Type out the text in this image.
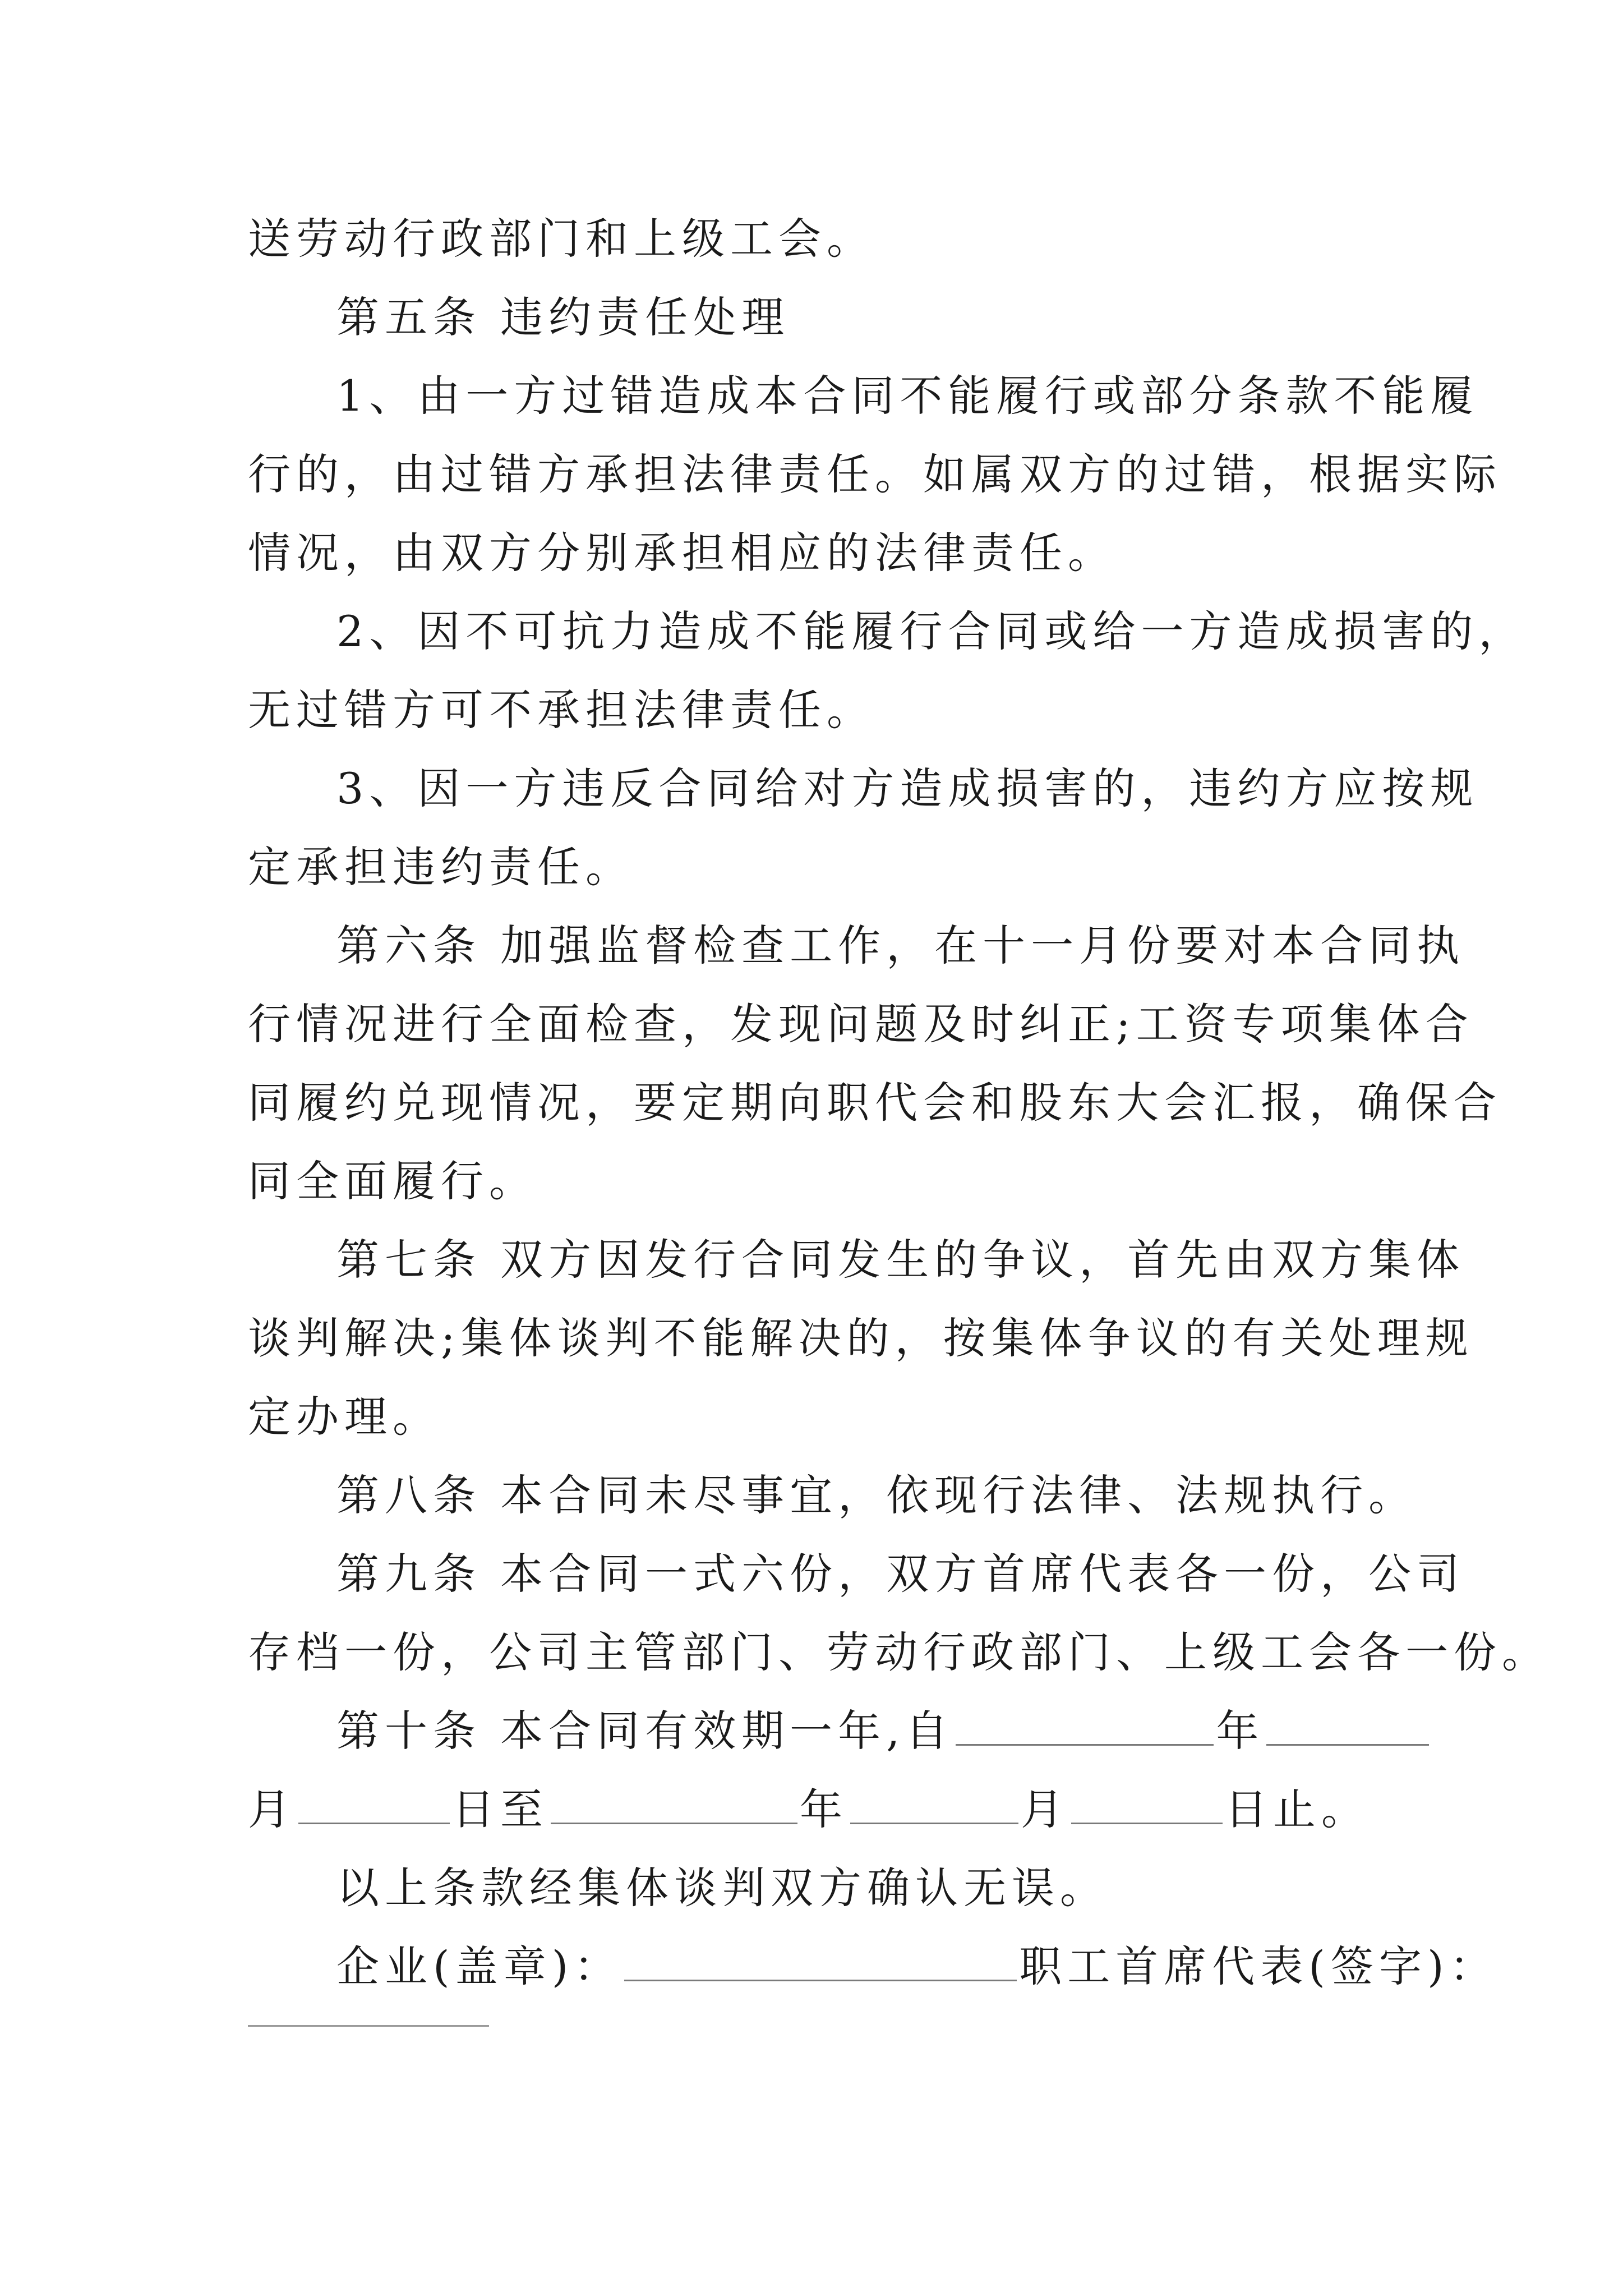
送劳动行政部门和上级工会。
第五条 违约责任处理
1、由一方过错造成本合同不能履行或部分条款不能履
行的，由过错方承担法律责任。如属双方的过错，根据实际
情况，由双方分别承担相应的法律责任。
2、因不可抗力造成不能履行合同或给一方造成损害的，
无过错方可不承担法律责任。
3、因一方违反合同给对方造成损害的，违约方应按规
定承担违约责任。
第六条 加强监督检查工作，在十一月份要对本合同执
行情况进行全面检查，发现问题及时纠正;工资专项集体合
同履约兑现情况，要定期向职代会和股东大会汇报，确保合
同全面履行。
第七条 双方因发行合同发生的争议，首先由双方集体
谈判解决;集体谈判不能解决的，按集体争议的有关处理规
定办理。
第八条 本合同未尽事宜，依现行法律、法规执行。
第九条 本合同一式六份，双方首席代表各一份，公司
存档一份，公司主管部门、劳动行政部门、上级工会各一份。
第十条 本合同有效期一年,自	年
月	日至	年	月	日止。
以上条款经集体谈判双方确认无误。
企业(盖章)：	职工首席代表(签字)：
